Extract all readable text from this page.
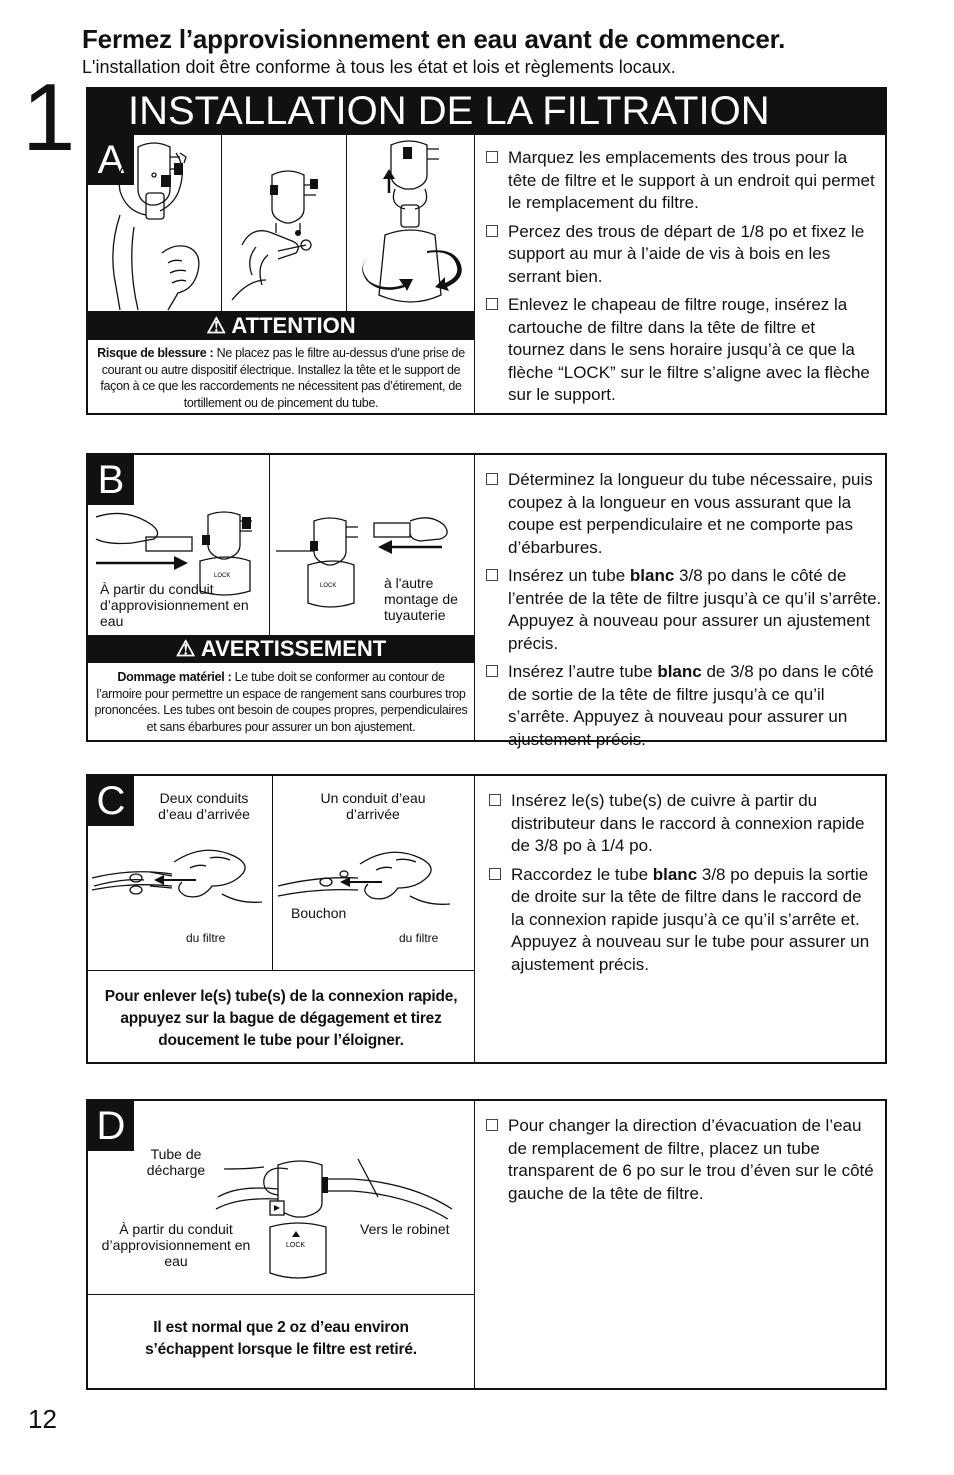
Fermez l’approvisionnement en eau avant de commencer.
L'installation doit être conforme à tous les état et lois et règlements locaux.
1	INSTALLATION DE LA FILTRATION
A
⚠ ATTENTION
Risque de blessure : Ne placez pas le filtre au-dessus d’une prise de courant ou autre dispositif électrique. Installez la tête et le support de façon à ce que les raccordements ne nécessitent pas d’étirement, de tortillement ou de pincement du tube.
Marquez les emplacements des trous pour la tête de filtre et le support à un endroit qui permet le remplacement du filtre.
Percez des trous de départ de 1/8 po et fixez le support au mur à l’aide de vis à bois en les serrant bien.
Enlevez le chapeau de filtre rouge, insérez la cartouche de filtre dans la tête de filtre et tournez dans le sens horaire jusqu’à ce que la flèche “LOCK” sur le filtre s’aligne avec la flèche sur le support.
B
LOCK
LOCK
À partir du conduit d’approvisionnement en eau
à l'autre montage de tuyauterie
⚠ AVERTISSEMENT
Dommage matériel : Le tube doit se conformer au contour de l’armoire pour permettre un espace de rangement sans courbures trop prononcées. Les tubes ont besoin de coupes propres, perpendiculaires et sans ébarbures pour assurer un bon ajustement.
Déterminez la longueur du tube nécessaire, puis coupez à la longueur en vous assurant que la coupe est perpendiculaire et ne comporte pas d’ébarbures.
Insérez un tube blanc 3/8 po dans le côté de l’entrée de la tête de filtre jusqu’à ce qu’il s’arrête. Appuyez à nouveau pour assurer un ajustement précis.
Insérez l’autre tube blanc de 3/8 po dans le côté de sortie de la tête de filtre jusqu’à ce qu’il s’arrête. Appuyez à nouveau pour assurer un ajustement précis.
C	Deux conduits d’eau d’arrivée
Un conduit d’eau d’arrivée
du filtre
Bouchon
du filtre
Pour enlever le(s) tube(s) de la connexion rapide, appuyez sur la bague de dégagement et tirez doucement le tube pour l’éloigner.
Insérez le(s) tube(s) de cuivre à partir du distributeur dans le raccord à connexion rapide de 3/8 po à 1/4 po.
Raccordez le tube blanc 3/8 po depuis la sortie de droite sur la tête de filtre dans le raccord de la connexion rapide jusqu’à ce qu’il s’arrête et. Appuyez à nouveau sur le tube pour assurer un ajustement précis.
D
Tube de décharge
À partir du conduit d’approvisionnement en eau
Vers le robinet
LOCK
Il est normal que 2 oz d’eau environ s’échappent lorsque le filtre est retiré.
Pour changer la direction d’évacuation de l’eau de remplacement de filtre, placez un tube transparent de 6 po sur le trou d’éven sur le côté gauche de la tête de filtre.
12
